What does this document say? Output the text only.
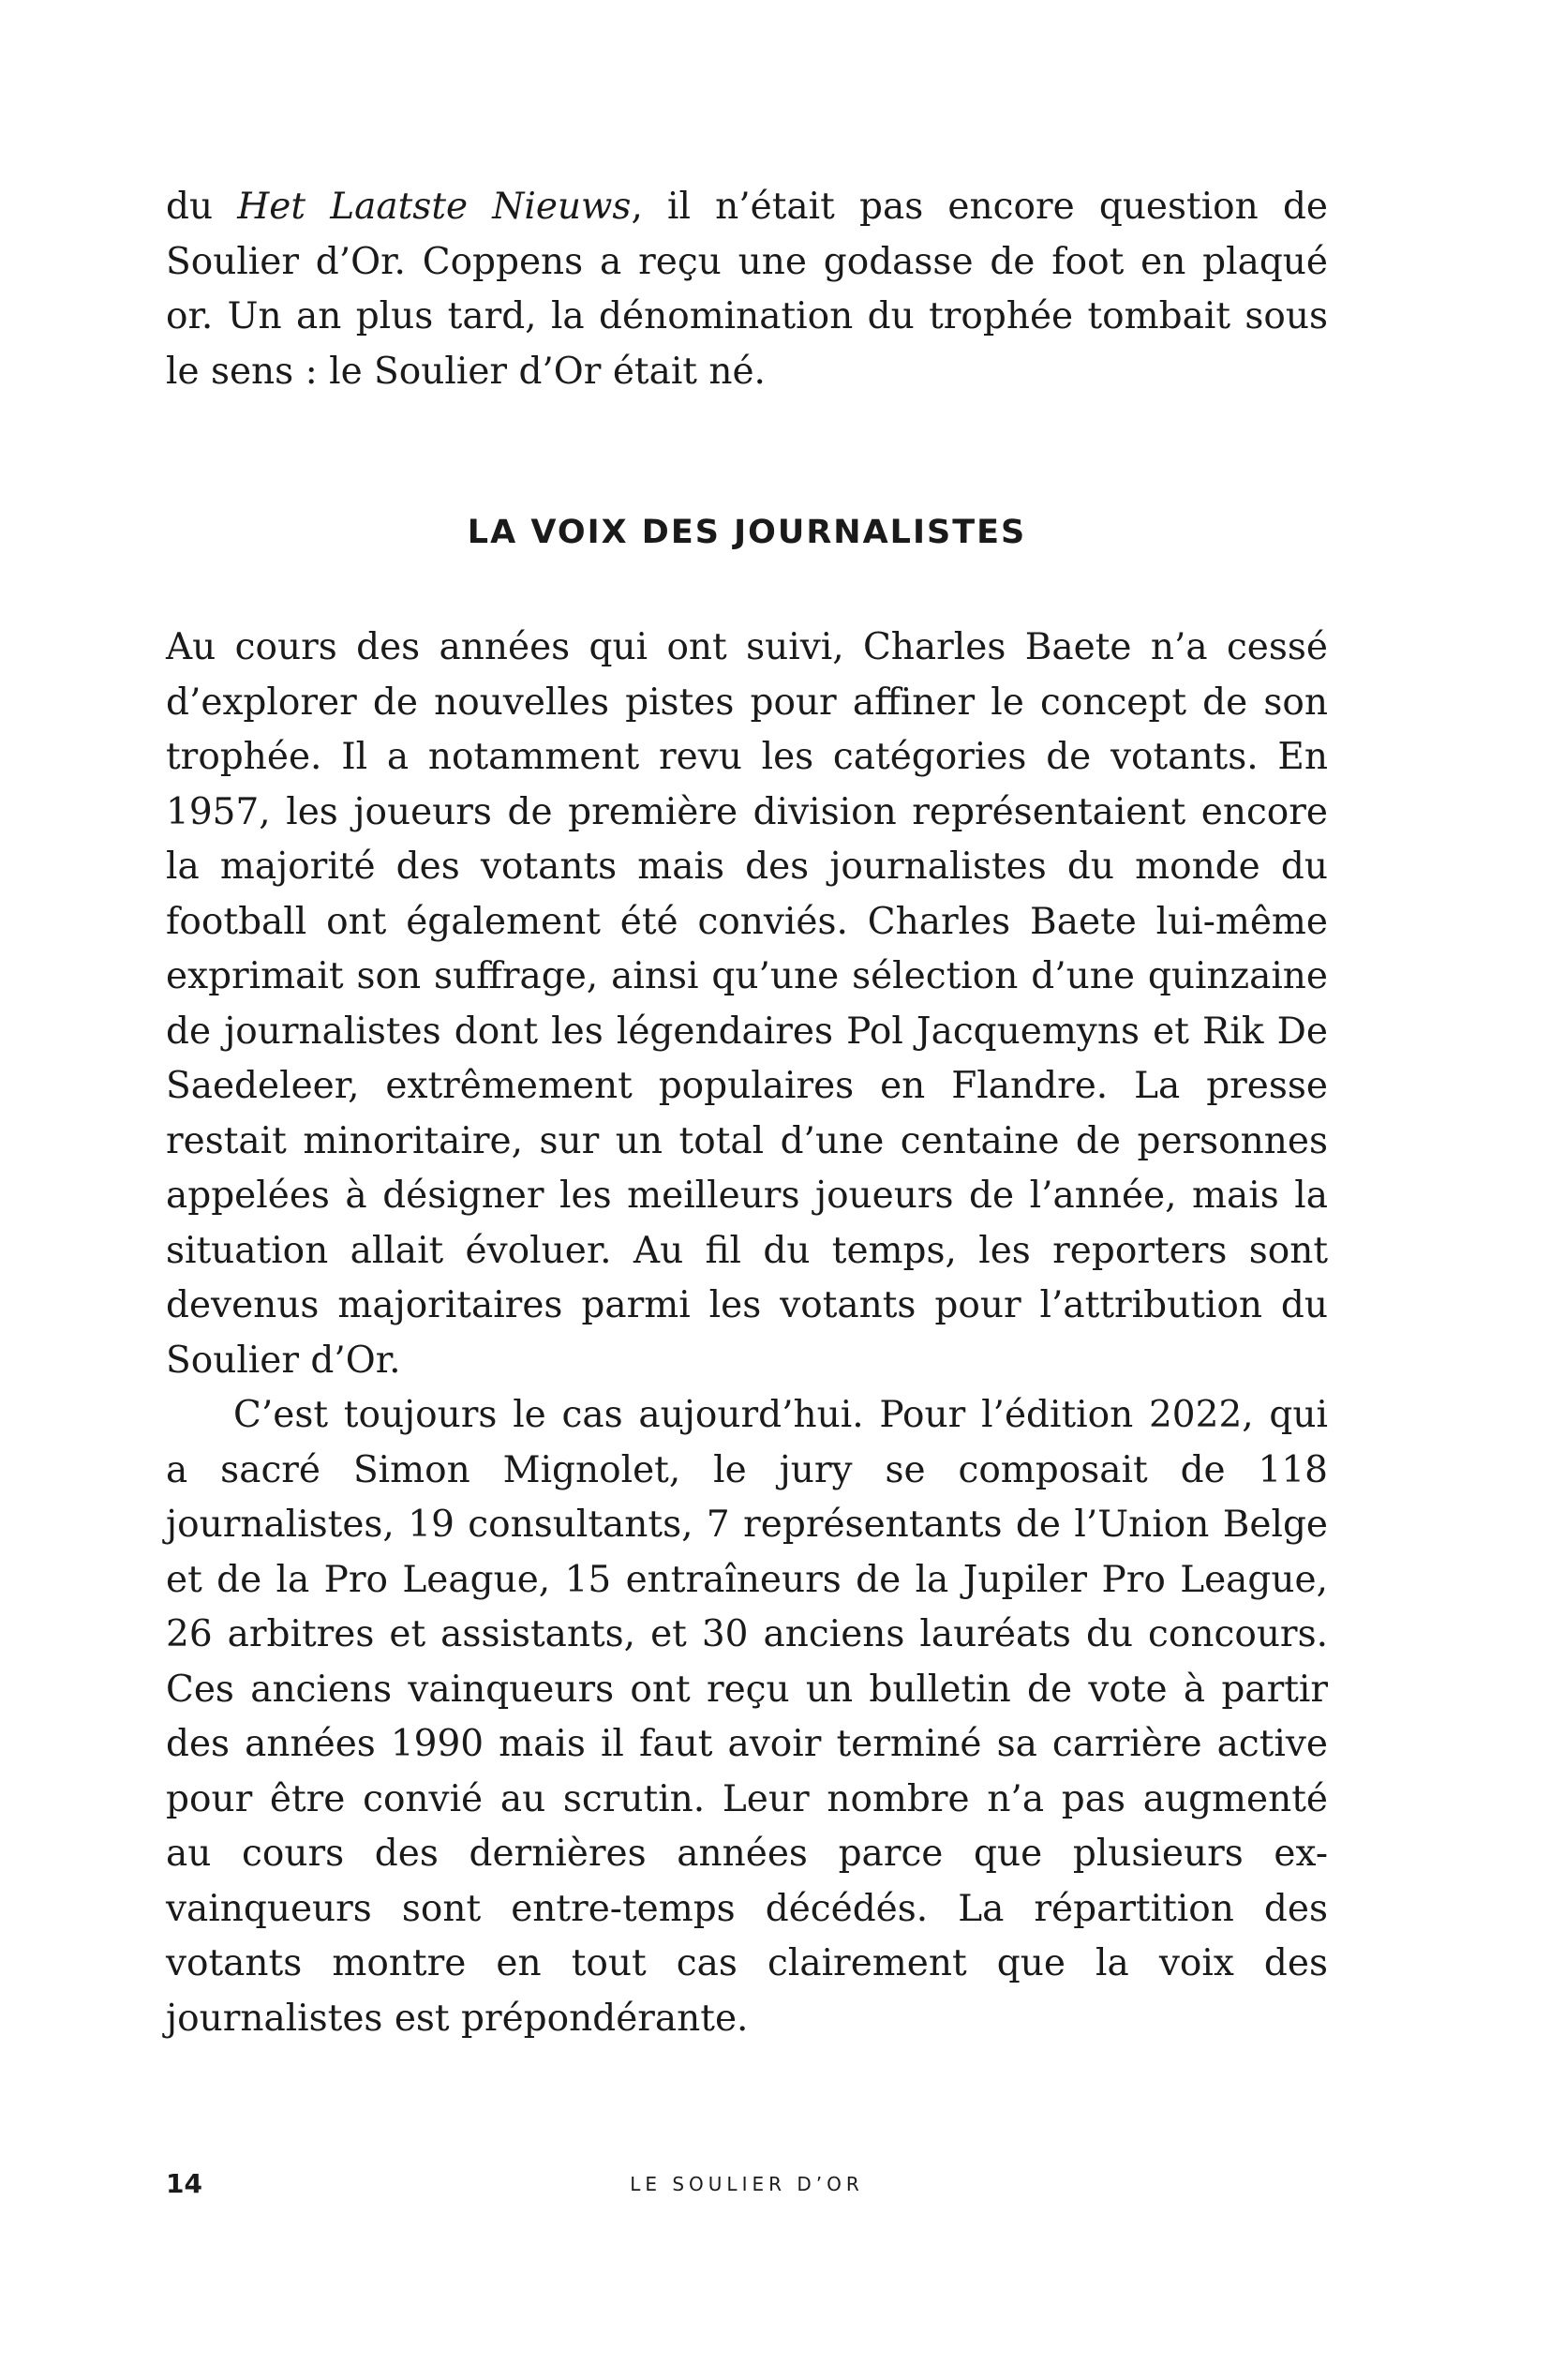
du Het Laatste Nieuws, il n’était pas encore question de Soulier d’Or. Coppens a reçu une godasse de foot en plaqué or. Un an plus tard, la dénomination du trophée tombait sous le sens : le Soulier d’Or était né.

LA VOIX DES JOURNALISTES

Au cours des années qui ont suivi, Charles Baete n’a cessé d’explorer de nouvelles pistes pour affiner le concept de son trophée. Il a notamment revu les catégories de votants. En 1957, les joueurs de première division représentaient encore la majorité des votants mais des journalistes du monde du football ont également été conviés. Charles Baete lui-même exprimait son suffrage, ainsi qu’une sélection d’une quinzaine de journalistes dont les légendaires Pol Jacquemyns et Rik De Saedeleer, extrêmement populaires en Flandre. La presse restait minoritaire, sur un total d’une centaine de personnes appelées à désigner les meilleurs joueurs de l’année, mais la situation allait évoluer. Au fil du temps, les reporters sont devenus majoritaires parmi les votants pour l’attribution du Soulier d’Or.

C’est toujours le cas aujourd’hui. Pour l’édition 2022, qui a sacré Simon Mignolet, le jury se composait de 118 journalistes, 19 consultants, 7 représentants de l’Union Belge et de la Pro League, 15 entraîneurs de la Jupiler Pro League, 26 arbitres et assistants, et 30 anciens lauréats du concours. Ces anciens vainqueurs ont reçu un bulletin de vote à partir des années 1990 mais il faut avoir terminé sa carrière active pour être convié au scrutin. Leur nombre n’a pas augmenté au cours des dernières années parce que plusieurs ex-vainqueurs sont entre-temps décédés. La répartition des votants montre en tout cas clairement que la voix des journalistes est prépondérante.

14	LE SOULIER D’OR
